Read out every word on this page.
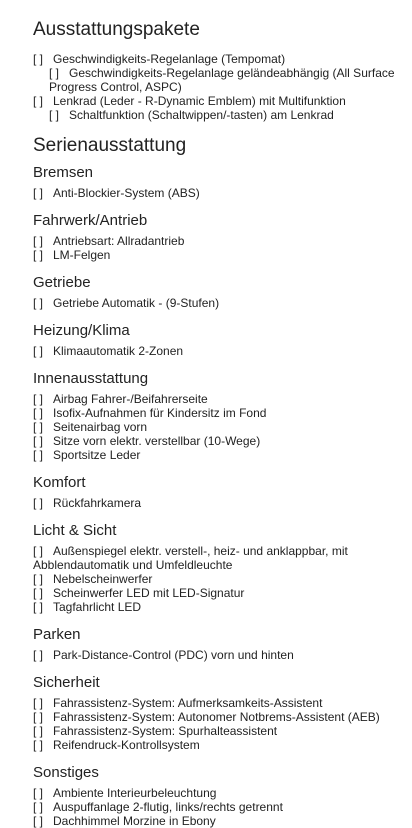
Ausstattungspakete
[ ] Geschwindigkeits-Regelanlage (Tempomat)
[ ] Geschwindigkeits-Regelanlage geländeabhängig (All Surface Progress Control, ASPC)
[ ] Lenkrad (Leder - R-Dynamic Emblem) mit Multifunktion
[ ] Schaltfunktion (Schaltwippen/-tasten) am Lenkrad
Serienausstattung
Bremsen
[ ] Anti-Blockier-System (ABS)
Fahrwerk/Antrieb
[ ] Antriebsart: Allradantrieb
[ ] LM-Felgen
Getriebe
[ ] Getriebe Automatik - (9-Stufen)
Heizung/Klima
[ ] Klimaautomatik 2-Zonen
Innenausstattung
[ ] Airbag Fahrer-/Beifahrerseite
[ ] Isofix-Aufnahmen für Kindersitz im Fond
[ ] Seitenairbag vorn
[ ] Sitze vorn elektr. verstellbar (10-Wege)
[ ] Sportsitze Leder
Komfort
[ ] Rückfahrkamera
Licht & Sicht
[ ] Außenspiegel elektr. verstell-, heiz- und anklappbar, mit Abblendautomatik und Umfeldleuchte
[ ] Nebelscheinwerfer
[ ] Scheinwerfer LED mit LED-Signatur
[ ] Tagfahrlicht LED
Parken
[ ] Park-Distance-Control (PDC) vorn und hinten
Sicherheit
[ ] Fahrassistenz-System: Aufmerksamkeits-Assistent
[ ] Fahrassistenz-System: Autonomer Notbrems-Assistent (AEB)
[ ] Fahrassistenz-System: Spurhalteassistent
[ ] Reifendruck-Kontrollsystem
Sonstiges
[ ] Ambiente Interieurbeleuchtung
[ ] Auspuffanlage 2-flutig, links/rechts getrennt
[ ] Dachhimmel Morzine in Ebony
